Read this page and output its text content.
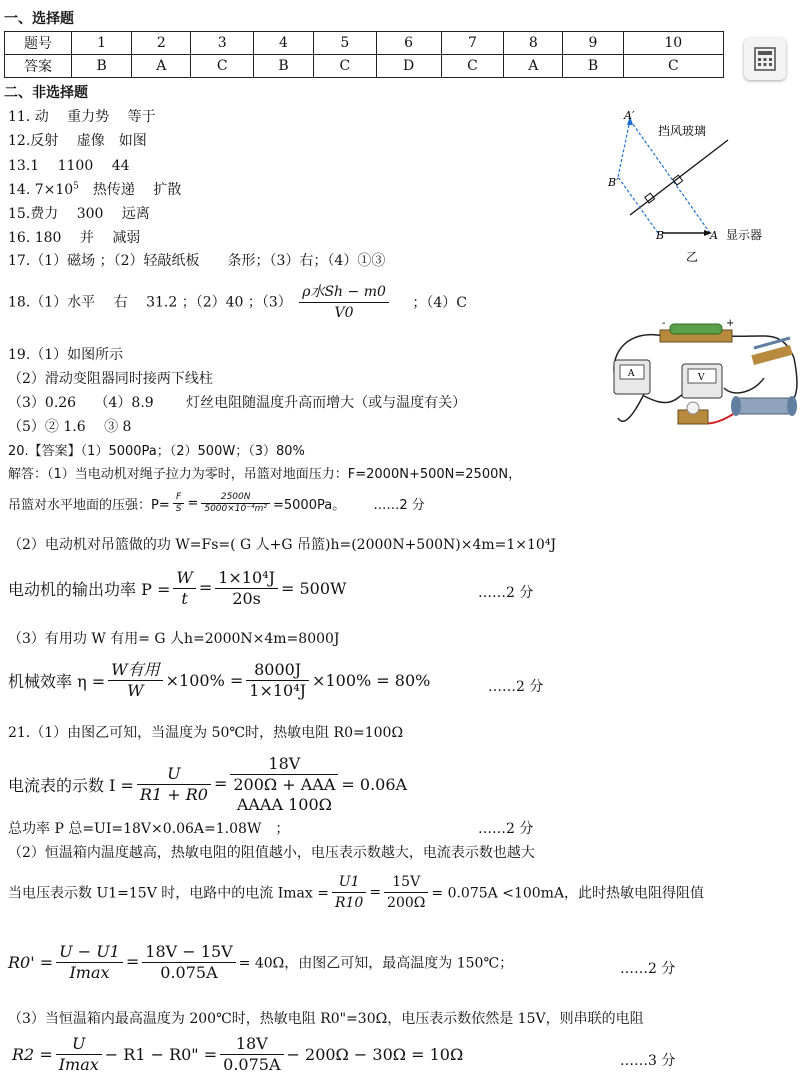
一、选择题
题号	1	2	3	4	5	6	7	8	9	10
答案	B	A	C	B	C	D	C	A	B	C
二、非选择题
11. 动　 重力势　 等于
12.反射　 虚像　如图
13.1　 1100　 44
14. $7\times 10^5$　热传递　 扩散
15.费力　 300　 远离
16. 180　 并　 减弱
17.（1）磁场 ；（2）轻敲纸板　　条形；（3）右；（4）①③
18.（1）水平　 右　 31.2 ；（2）40 ；$(3) \frac{\text{ρ水Sh − m0}}{V0}$ ；（4）C
19.（1）如图所示
（2）滑动变阻器同时接两下线柱
（3）0.26　 （4）8.9　　 灯丝电阻随温度升高而增大（或与温度有关）
（5）② 1.6　 ③ 8
20.【答案】（1）5000Pa；（2）500W；（3）80%
解答：（1）当电动机对绳子拉力为零时，吊篮对地面压力：F=2000N+500N=2500N，
吊篮对水平地面的压强：$P= \frac{F}{S} = \frac{2500N}{\text{5000×10⁻⁴m²}} =5000Pa$。 ……2 分
（2）电动机对吊篮做的功 W=Fs=( G 人+G 吊篮)h=(2000N+500N)×4m=1×10⁴J
电动机的输出功率 $P = \frac{W}{t} = \frac{\text{1×10⁴J}}{20s} = 500W$	……2 分
（3）有用功 W 有用= G 人h=2000N×4m=8000J
机械效率 $\eta = \frac{\text{W有用}}{W} \times 100\% = \frac{8000J}{\text{1×10⁴J}} \times 100\% = 80\%$	……2 分
21.（1）由图乙可知，当温度为 50℃时，热敏电阻 R0=100Ω
电流表的示数 $I = \frac{U}{R1 + R0}$ =
18V
200Ω + AAA
AAAA 100Ω
= 0.06A
总功率 P 总=UI=18V×0.06A=1.08W　；	……2 分
（2）恒温箱内温度越高，热敏电阻的阻值越小，电压表示数越大，电流表示数也越大
当电压表示数 U1=15V 时，电路中的电流 $Imax = \frac{U1}{R10} = \frac{15V}{200\Omega} = 0.075A <100mA$，此时热敏电阻得阻值
$R0' = \frac{U - U1}{Imax} = \frac{18V - 15V}{0.075A} = 40\Omega$，由图乙可知，最高温度为 150℃；	……2 分
（3）当恒温箱内最高温度为 200℃时，热敏电阻 R0"=30Ω，电压表示数依然是 15V，则串联的电阻
$R2 = \frac{U}{Imax} - R1 - R0$" = $\frac{18V}{0.075A} - 200\Omega - 30\Omega = 10\Omega$	……3 分
挡风玻璃
A′
B′
B	A 显示器
乙
-	+
A	V
